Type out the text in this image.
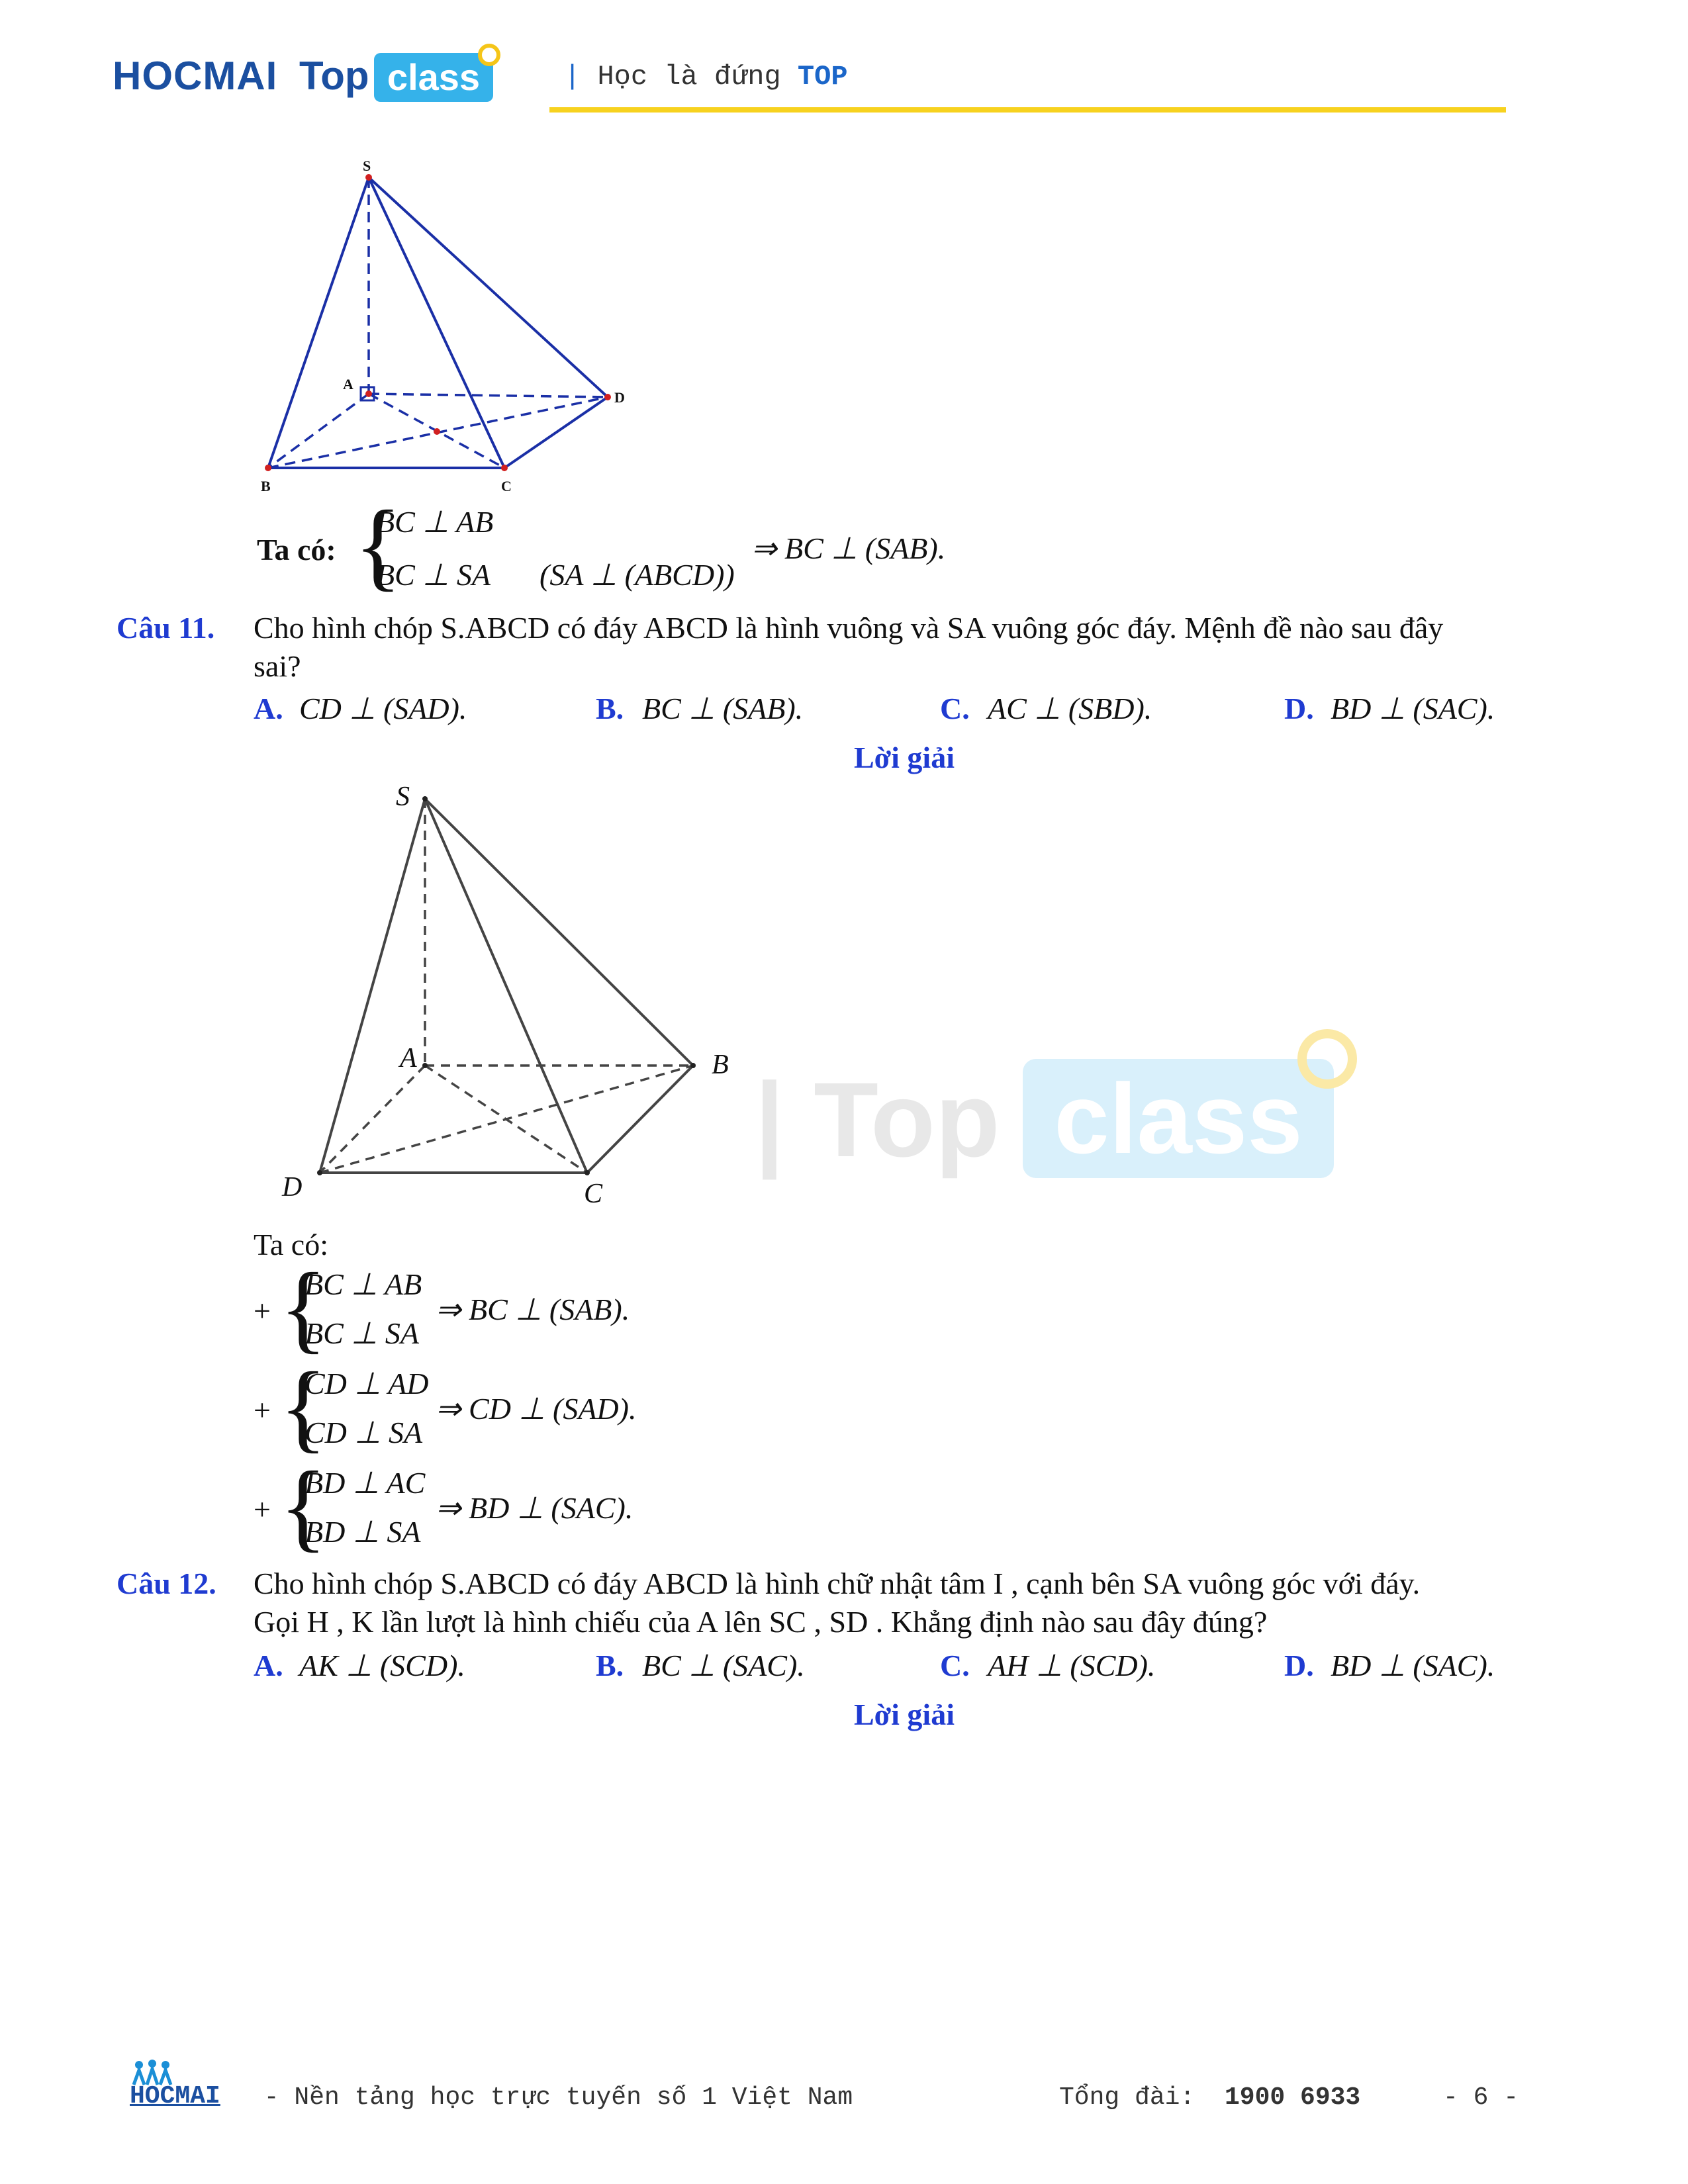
HOCMAI Top class	| Học là đứng TOP
| Top class
S
A
B	C
D
Ta có: {
BC ⊥ AB
BC ⊥ SA (SA ⊥ (ABCD))
⇒ BC ⊥ (SAB).
Câu 11. Cho hình chóp S.ABCD có đáy ABCD là hình vuông và SA vuông góc đáy. Mệnh đề nào sau đây
sai?
A. CD ⊥ (SAD).	B. BC ⊥ (SAB).	C. AC ⊥ (SBD).	D. BD ⊥ (SAC).
Lời giải
S
A	B
C
D
Ta có:
+ {
BC ⊥ AB
BC ⊥ SA
⇒ BC ⊥ (SAB).
+ {
CD ⊥ AD
CD ⊥ SA
⇒ CD ⊥ (SAD).
+ {
BD ⊥ AC
BD ⊥ SA
⇒ BD ⊥ (SAC).
Câu 12. Cho hình chóp S.ABCD có đáy ABCD là hình chữ nhật tâm I , cạnh bên SA vuông góc với đáy.
Gọi H , K lần lượt là hình chiếu của A lên SC , SD . Khẳng định nào sau đây đúng?
A. AK ⊥ (SCD).	B. BC ⊥ (SAC).	C. AH ⊥ (SCD).	D. BD ⊥ (SAC).
Lời giải
HOCMAI - Nền tảng học trực tuyến số 1 Việt Nam	Tổng đài: 1900 6933	- 6 -
